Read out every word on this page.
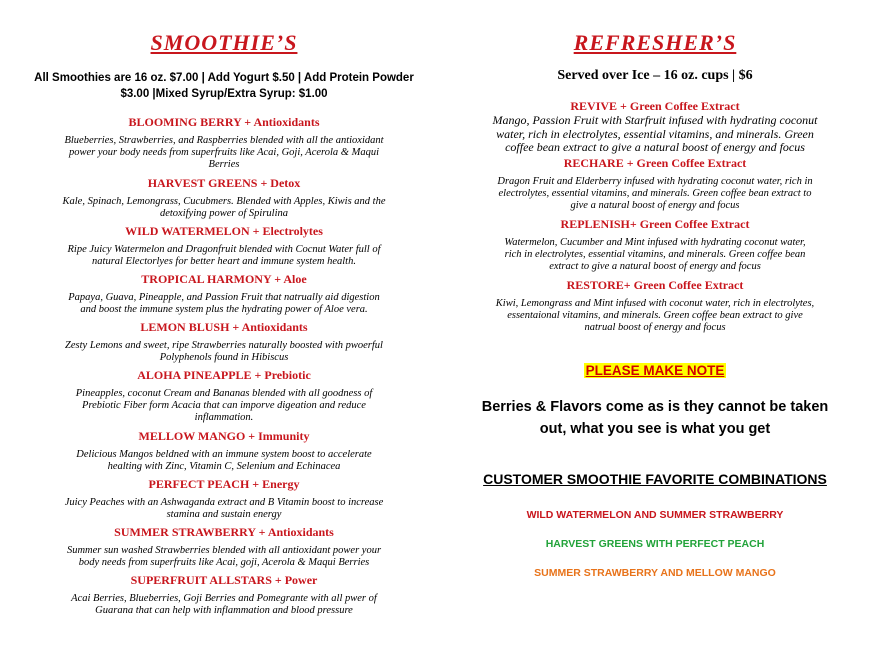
SMOOTHIE’S
All Smoothies are 16 oz. $7.00 | Add Yogurt $.50 | Add Protein Powder
$3.00 |Mixed Syrup/Extra Syrup: $1.00
BLOOMING BERRY + Antioxidants
Blueberries, Strawberries, and Raspberries blended with all the antioxidant
power your body needs from superfruits like Acai, Goji, Acerola & Maqui
Berries
HARVEST GREENS + Detox
Kale, Spinach, Lemongrass, Cucubmers. Blended with Apples, Kiwis and the
detoxifying power of Spirulina
WILD WATERMELON + Electrolytes
Ripe Juicy Watermelon and Dragonfruit blended with Cocnut Water full of
natural Electorlyes for better heart and immune system health.
TROPICAL HARMONY + Aloe
Papaya, Guava, Pineapple, and Passion Fruit that natrually aid digestion
and boost the immune system plus the hydrating power of Aloe vera.
LEMON BLUSH + Antioxidants
Zesty Lemons and sweet, ripe Strawberries naturally boosted with pwoerful
Polyphenols found in Hibiscus
ALOHA PINEAPPLE + Prebiotic
Pineapples, coconut Cream and Bananas blended with all goodness of
Prebiotic Fiber form Acacia that can imporve digeation and reduce
inflammation.
MELLOW MANGO + Immunity
Delicious Mangos beldned with an immune system boost to accelerate
healting with Zinc, Vitamin C, Selenium and Echinacea
PERFECT PEACH + Energy
Juicy Peaches with an Ashwaganda extract and B Vitamin boost to increase
stamina and sustain energy
SUMMER STRAWBERRY + Antioxidants
Summer sun washed Strawberries blended with all antioxidant power your
body needs from superfruits like Acai, goji, Acerola & Maqui Berries
SUPERFRUIT ALLSTARS + Power
Acai Berries, Blueberries, Goji Berries and Pomegrante with all pwer of
Guarana that can help with inflammation and blood pressure
REFRESHER’S
Served over Ice – 16 oz. cups | $6
REVIVE + Green Coffee Extract
Mango, Passion Fruit with Starfruit infused with hydrating coconut
water, rich in electrolytes, essential vitamins, and minerals. Green
coffee bean extract to give a natural boost of energy and focus
RECHARE + Green Coffee Extract
Dragon Fruit and Elderberry infused with hydrating coconut water, rich in
electrolytes, essential vitamins, and minerals. Green coffee bean extract to
give a natural boost of energy and focus
REPLENISH+ Green Coffee Extract
Watermelon, Cucumber and Mint infused with hydrating coconut water,
rich in electrolytes, essential vitamins, and minerals. Green coffee bean
extract to give a natural boost of energy and focus
RESTORE+ Green Coffee Extract
Kiwi, Lemongrass and Mint infused with coconut water, rich in electrolytes,
essentaional vitamins, and minerals. Green coffee bean extract to give
natrual boost of energy and focus
PLEASE MAKE NOTE
Berries & Flavors come as is they cannot be taken
out, what you see is what you get
CUSTOMER SMOOTHIE FAVORITE COMBINATIONS
WILD WATERMELON AND SUMMER STRAWBERRY
HARVEST GREENS WITH PERFECT PEACH
SUMMER STRAWBERRY AND MELLOW MANGO
